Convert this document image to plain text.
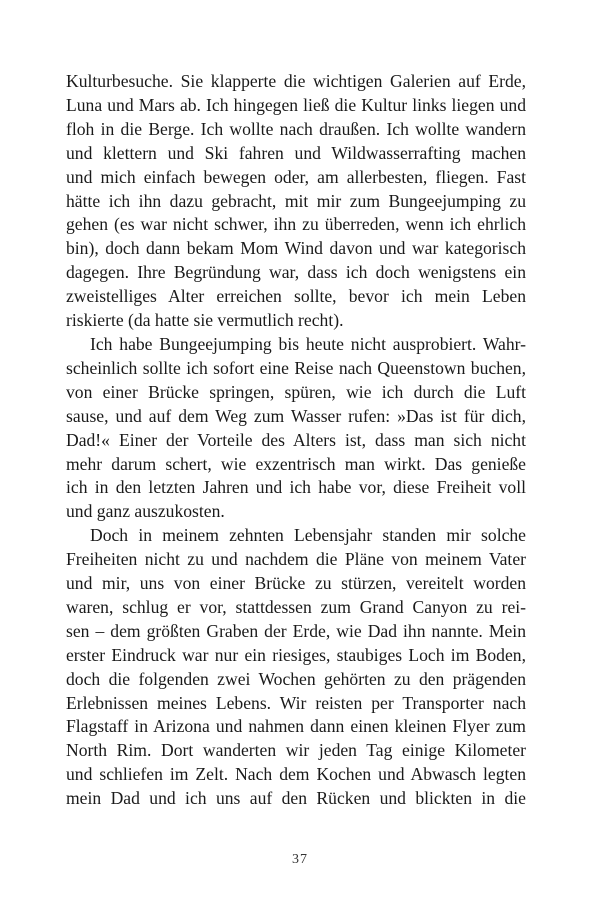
Kulturbesuche. Sie klapperte die wichtigen Galerien auf Erde,
Luna und Mars ab. Ich hingegen ließ die Kultur links liegen und
floh in die Berge. Ich wollte nach draußen. Ich wollte wandern
und klettern und Ski fahren und Wildwasserrafting machen
und mich einfach bewegen oder, am allerbesten, fliegen. Fast
hätte ich ihn dazu gebracht, mit mir zum Bungeejumping zu
gehen (es war nicht schwer, ihn zu überreden, wenn ich ehrlich
bin), doch dann bekam Mom Wind davon und war kategorisch
dagegen. Ihre Begründung war, dass ich doch wenigstens ein
zweistelliges Alter erreichen sollte, bevor ich mein Leben
riskierte (da hatte sie vermutlich recht).
Ich habe Bungeejumping bis heute nicht ausprobiert. Wahr-
scheinlich sollte ich sofort eine Reise nach Queenstown buchen,
von einer Brücke springen, spüren, wie ich durch die Luft
sause, und auf dem Weg zum Wasser rufen: »Das ist für dich,
Dad!« Einer der Vorteile des Alters ist, dass man sich nicht
mehr darum schert, wie exzentrisch man wirkt. Das genieße
ich in den letzten Jahren und ich habe vor, diese Freiheit voll
und ganz auszukosten.
Doch in meinem zehnten Lebensjahr standen mir solche
Freiheiten nicht zu und nachdem die Pläne von meinem Vater
und mir, uns von einer Brücke zu stürzen, vereitelt worden
waren, schlug er vor, stattdessen zum Grand Canyon zu rei-
sen – dem größten Graben der Erde, wie Dad ihn nannte. Mein
erster Eindruck war nur ein riesiges, staubiges Loch im Boden,
doch die folgenden zwei Wochen gehörten zu den prägenden
Erlebnissen meines Lebens. Wir reisten per Transporter nach
Flagstaff in Arizona und nahmen dann einen kleinen Flyer zum
North Rim. Dort wanderten wir jeden Tag einige Kilometer
und schliefen im Zelt. Nach dem Kochen und Abwasch legten
mein Dad und ich uns auf den Rücken und blickten in die
37
